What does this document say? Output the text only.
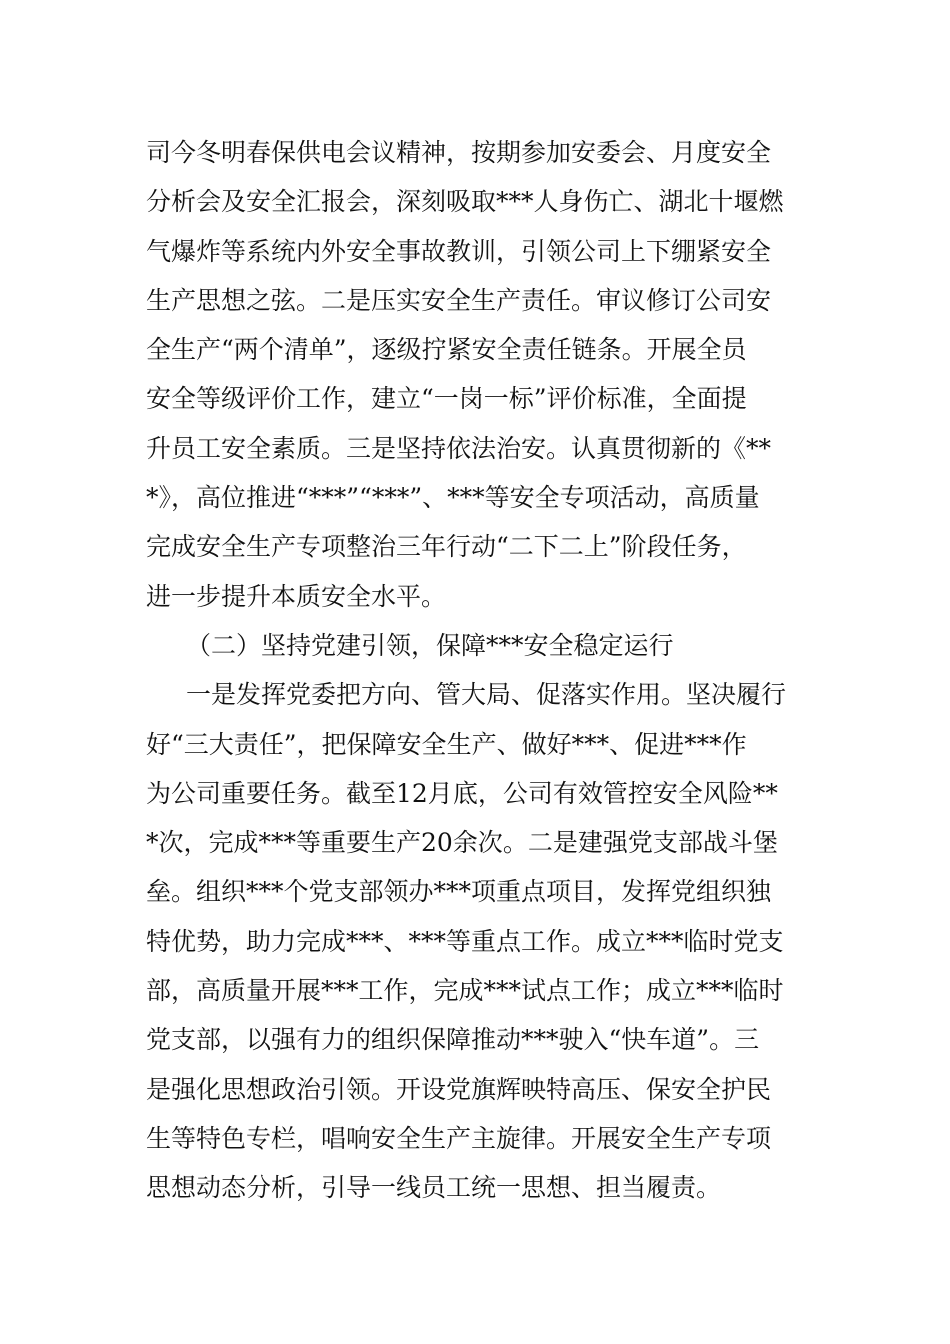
司今冬明春保供电会议精神，按期参加安委会、月度安全
分析会及安全汇报会，深刻吸取***人身伤亡、湖北十堰燃
气爆炸等系统内外安全事故教训，引领公司上下绷紧安全
生产思想之弦。二是压实安全生产责任。审议修订公司安
全生产“两个清单”，逐级拧紧安全责任链条。开展全员
安全等级评价工作，建立“一岗一标”评价标准，全面提
升员工安全素质。三是坚持依法治安。认真贯彻新的《**
*》，高位推进“***”“***”、***等安全专项活动，高质量
完成安全生产专项整治三年行动“二下二上”阶段任务，
进一步提升本质安全水平。
（二）坚持党建引领，保障***安全稳定运行
一是发挥党委把方向、管大局、促落实作用。坚决履行
好“三大责任”，把保障安全生产、做好***、促进***作
为公司重要任务。截至12月底，公司有效管控安全风险**
*次，完成***等重要生产20余次。二是建强党支部战斗堡
垒。组织***个党支部领办***项重点项目，发挥党组织独
特优势，助力完成***、***等重点工作。成立***临时党支
部，高质量开展***工作，完成***试点工作；成立***临时
党支部，以强有力的组织保障推动***驶入“快车道”。三
是强化思想政治引领。开设党旗辉映特高压、保安全护民
生等特色专栏，唱响安全生产主旋律。开展安全生产专项
思想动态分析，引导一线员工统一思想、担当履责。
